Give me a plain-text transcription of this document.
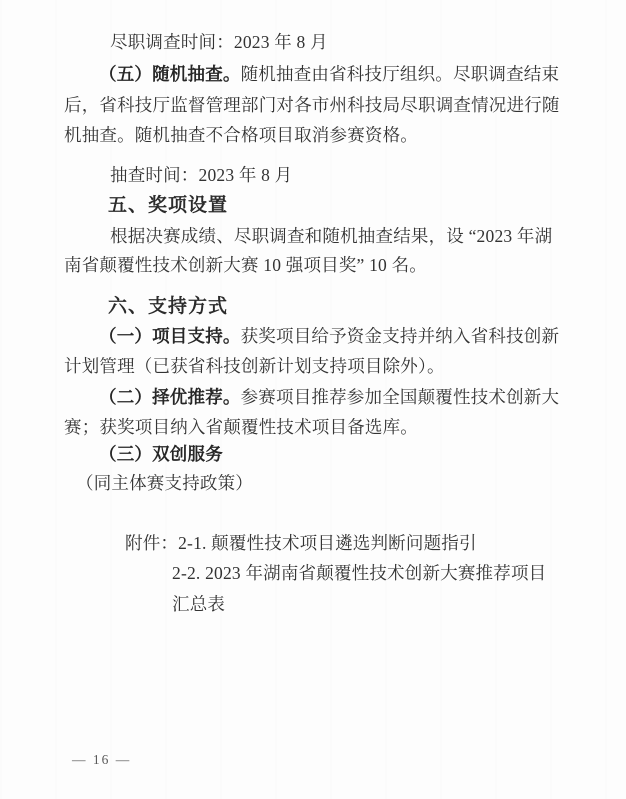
尽职调查时间：2023 年 8 月
（五）随机抽查。随机抽查由省科技厅组织。尽职调查结束
后，省科技厅监督管理部门对各市州科技局尽职调查情况进行随
机抽查。随机抽查不合格项目取消参赛资格。
抽查时间：2023 年 8 月
五、奖项设置
根据决赛成绩、尽职调查和随机抽查结果，设 “2023 年湖
南省颠覆性技术创新大赛 10 强项目奖” 10 名。
六、支持方式
（一）项目支持。获奖项目给予资金支持并纳入省科技创新
计划管理（已获省科技创新计划支持项目除外）。
（二）择优推荐。参赛项目推荐参加全国颠覆性技术创新大
赛；获奖项目纳入省颠覆性技术项目备选库。
（三）双创服务
（同主体赛支持政策）
附件：2-1. 颠覆性技术项目遴选判断问题指引
2-2. 2023 年湖南省颠覆性技术创新大赛推荐项目
汇总表
— 16 —
